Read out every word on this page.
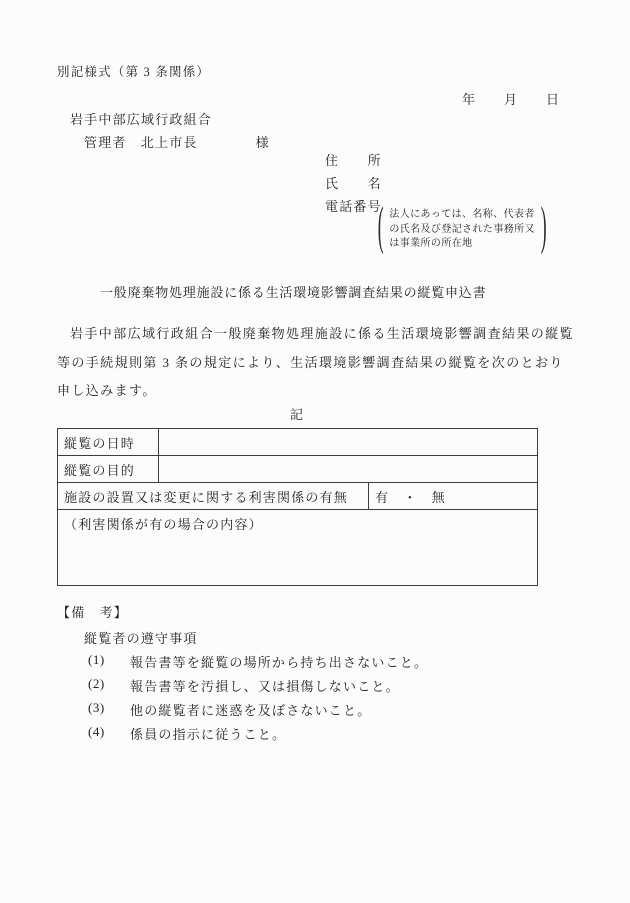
別記様式（第 3 条関係）
年　　月　　日
岩手中部広域行政組合
管理者　北上市長	様
住　　所
氏　　名
電話番号
( 法人にあっては、名称、代表者
の氏名及び登記された事務所又
は事業所の所在地	)
一般廃棄物処理施設に係る生活環境影響調査結果の縦覧申込書
岩手中部広域行政組合一般廃棄物処理施設に係る生活環境影響調査結果の縦覧等の手続規則第 3 条の規定により、生活環境影響調査結果の縦覧を次のとおり申し込みます。
記
縦覧の日時		
縦覧の目的		
施設の設置又は変更に関する利害関係の有無		有　・　無
（利害関係が有の場合の内容）		
【備　考】
縦覧者の遵守事項
(1)	報告書等を縦覧の場所から持ち出さないこと。
(2)	報告書等を汚損し、又は損傷しないこと。
(3)	他の縦覧者に迷惑を及ぼさないこと。
(4)	係員の指示に従うこと。
